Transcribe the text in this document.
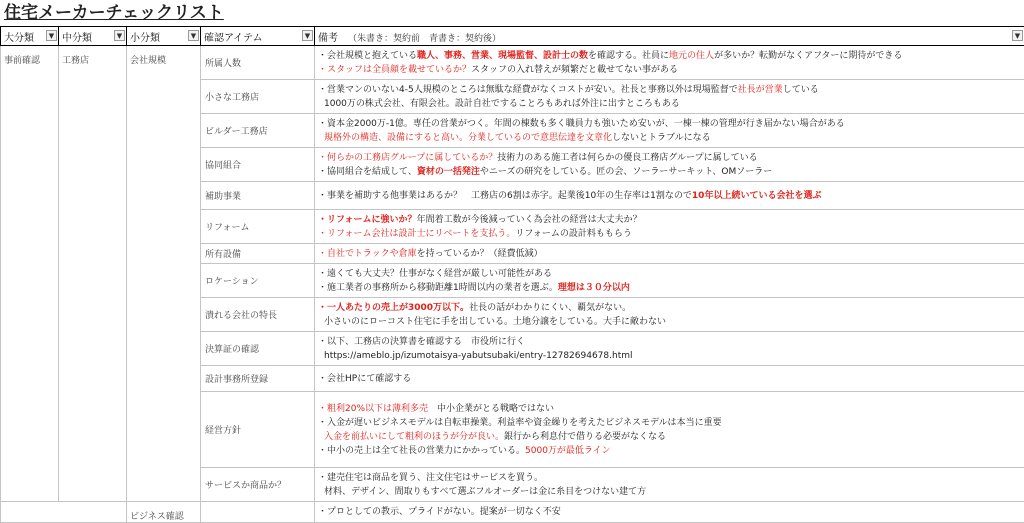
住宅メーカーチェックリスト
大分類 ▼	中分類 ▼	小分類 ▼	確認アイテム ▼	備考 （朱書き：契約前　青書き：契約後） ▼

事前確認	工務店	会社規模	所属人数	・会社規模と抱えている職人、事務、営業、現場監督、設計士の数を確認する。社員に地元の住人が多いか？転勤がなくアフターに期待ができる
・スタッフは全員顔を載せているか？スタッフの入れ替えが頻繁だと載せてない事がある

			小さな工務店	・営業マンのいない4-5人規模のところは無駄な経費がなくコストが安い。社長と事務以外は現場監督で社長が営業している
1000万の株式会社、有限会社。設計自社ですることろもあれば外注に出すところもある

			ビルダー工務店	・資本金2000万-1億。専任の営業がつく。年間の棟数も多く職員力も強いため安いが、一棟一棟の管理が行き届かない場合がある
規格外の構造、設備にすると高い。分業しているので意思伝達を文章化しないとトラブルになる

			協同組合	・何らかの工務店グループに属しているか？技術力のある施工者は何らかの優良工務店グループに属している
・協同組合を結成して、資材の一括発注やニーズの研究をしている。匠の会、ソーラーサーキット、OMソーラー

			補助事業	・事業を補助する他事業はあるか？　工務店の6割は赤字。起業後10年の生存率は1割なので10年以上続いている会社を選ぶ

			リフォーム	・リフォームに強いか？年間着工数が今後減っていく為会社の経営は大丈夫か？
・リフォーム会社は設計士にリベートを支払う。リフォームの設計料ももらう

			所有設備	・自社でトラックや倉庫を持っているか？（経費低減）

			ロケーション	・遠くても大丈夫？仕事がなく経営が厳しい可能性がある
・施工業者の事務所から移動距離1時間以内の業者を選ぶ。理想は３０分以内

			潰れる会社の特長	・一人あたりの売上が3000万以下。社長の話がわかりにくい、覇気がない。
小さいのにローコスト住宅に手を出している。土地分譲をしている。大手に敵わない

			決算証の確認	・以下、工務店の決算書を確認する　市役所に行く
https://ameblo.jp/izumotaisya-yabutsubaki/entry-12782694678.html

			設計事務所登録	・会社HPにて確認する

			経営方針	・粗利20%以下は薄利多売　中小企業がとる戦略ではない
・入金が遅いビジネスモデルは自転車操業。利益率や資金繰りを考えたビジネスモデルは本当に重要
入金を前払いにして粗利のほうが分が良い。銀行から利息付で借りる必要がなくなる
・中小の売上は全て社長の営業力にかかっている。5000万が最低ライン

			サービスか商品か？	・建売住宅は商品を買う、注文住宅はサービスを買う。
材料、デザイン、間取りもすべて選ぶフルオーダーは金に糸目をつけない建て方

		ビジネス確認		・プロとしての教示、プライドがない。提案が一切なく不安
